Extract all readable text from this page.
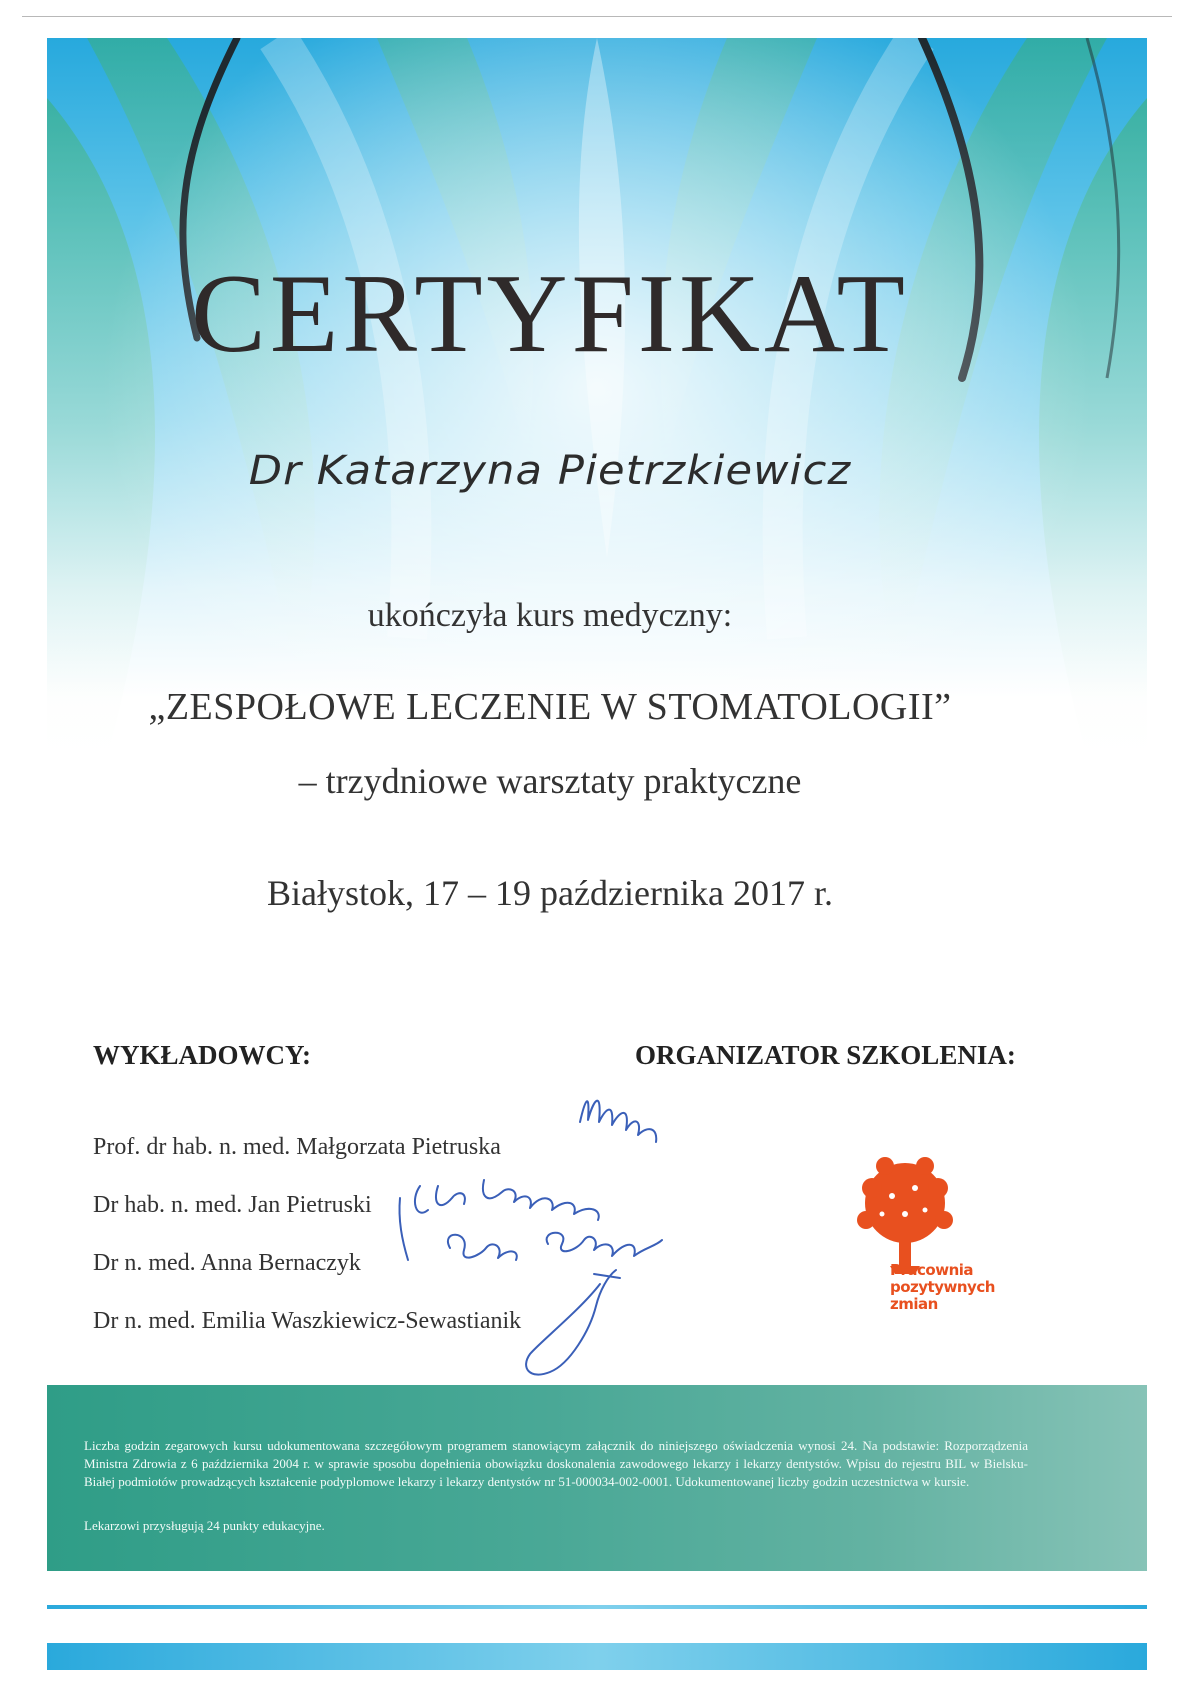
CERTYFIKAT
Dr Katarzyna Pietrzkiewicz
ukończyła kurs medyczny:
„ZESPOŁOWE LECZENIE W STOMATOLOGII”
– trzydniowe warsztaty praktyczne
Białystok, 17 – 19 października 2017 r.
WYKŁADOWCY:	ORGANIZATOR SZKOLENIA:
Prof. dr hab. n. med. Małgorzata Pietruska
Dr hab. n. med. Jan Pietruski
Dr n. med. Anna Bernaczyk
Dr n. med. Emilia Waszkiewicz-Sewastianik
Pracownia
pozytywnych
zmian
Liczba godzin zegarowych kursu udokumentowana szczegółowym programem stanowiącym załącznik do niniejszego oświadczenia wynosi 24. Na podstawie: Rozporządzenia Ministra Zdrowia z 6 października 2004 r. w sprawie sposobu dopełnienia obowiązku doskonalenia zawodowego lekarzy i lekarzy dentystów. Wpisu do rejestru BIL w Bielsku-Białej podmiotów prowadzących kształcenie podyplomowe lekarzy i lekarzy dentystów nr 51-000034-002-0001. Udokumentowanej liczby godzin uczestnictwa w kursie.
Lekarzowi przysługują 24 punkty edukacyjne.
